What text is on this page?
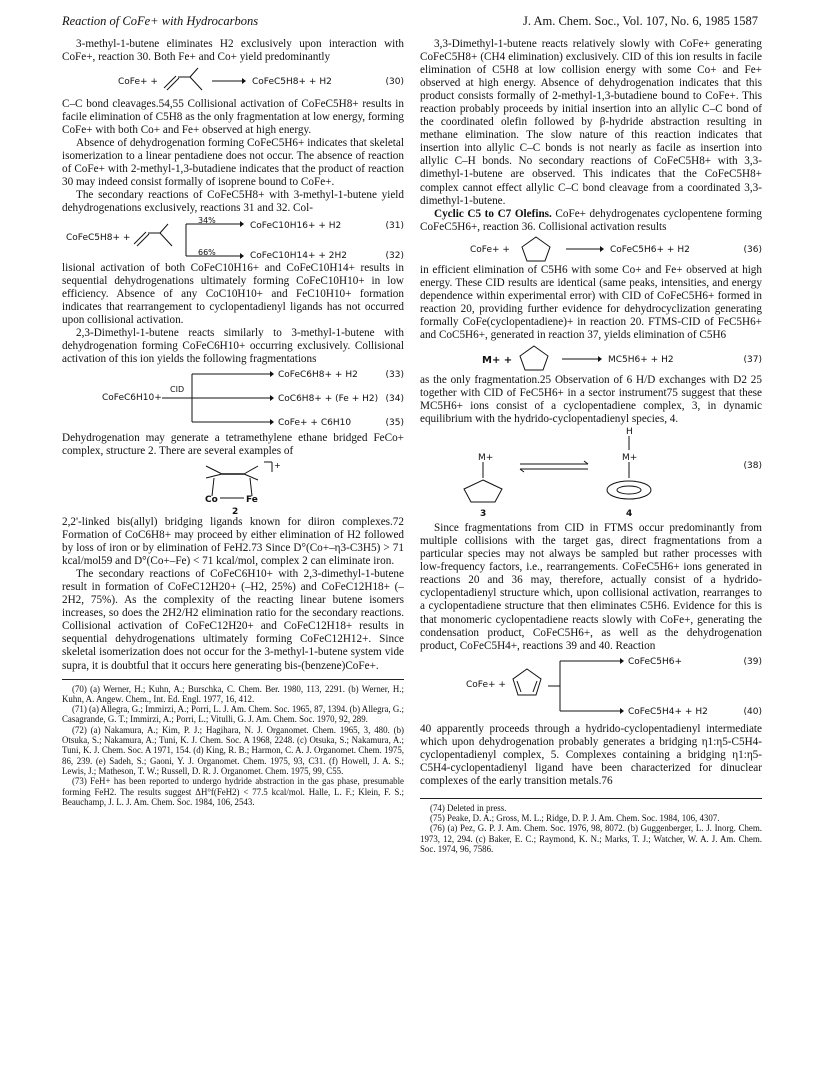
Reaction of CoFe+ with Hydrocarbons	J. Am. Chem. Soc., Vol. 107, No. 6, 1985 1587

3-methyl-1-butene eliminates H2 exclusively upon interaction with CoFe+, reaction 30. Both Fe+ and Co+ yield predominantly

CoFe+ +	→ CoFeC5H8+ + H2	(30)

C–C bond cleavages.54,55 Collisional activation of CoFeC5H8+ results in facile elimination of C5H8 as the only fragmentation at low energy, forming CoFe+ with both Co+ and Fe+ observed at high energy.

Absence of dehydrogenation forming CoFeC5H6+ indicates that skeletal isomerization to a linear pentadiene does not occur. The absence of reaction of CoFe+ with 2-methyl-1,3-butadiene indicates that the product of reaction 30 may indeed consist formally of isoprene bound to CoFe+.

The secondary reactions of CoFeC5H8+ with 3-methyl-1-butene yield dehydrogenations exclusively, reactions 31 and 32. Col-

CoFeC5H8+ +
34%
66%
CoFeC10H16+ + H2
CoFeC10H14+ + 2H2
(31)
(32)

lisional activation of both CoFeC10H16+ and CoFeC10H14+ results in sequential dehydrogenations ultimately forming CoFeC10H10+ in low efficiency. Absence of any CoC10H10+ and FeC10H10+ formation indicates that rearrangement to cyclopentadienyl ligands has not occurred upon collisional activation.

2,3-Dimethyl-1-butene reacts similarly to 3-methyl-1-butene with dehydrogenation forming CoFeC6H10+ occurring exclusively. Collisional activation of this ion yields the following fragmentations

CoFeC6H10+
CID
CoFeC6H8+ + H2
CoC6H8+ + (Fe + H2)
CoFe+ + C6H10
(33)
(34)
(35)

Dehydrogenation may generate a tetramethylene ethane bridged FeCo+ complex, structure 2. There are several examples of

+
Co	Fe
2

2,2'-linked bis(allyl) bridging ligands known for diiron complexes.72 Formation of CoC6H8+ may proceed by either elimination of H2 followed by loss of iron or by elimination of FeH2.73 Since D°(Co+–η3-C3H5) > 71 kcal/mol59 and D°(Co+–Fe) < 71 kcal/mol, complex 2 can eliminate iron.

The secondary reactions of CoFeC6H10+ with 2,3-dimethyl-1-butene result in formation of CoFeC12H20+ (–H2, 25%) and CoFeC12H18+ (–2H2, 75%). As the complexity of the reacting linear butene isomers increases, so does the 2H2/H2 elimination ratio for the secondary reactions. Collisional activation of CoFeC12H20+ and CoFeC12H18+ results in sequential dehydrogenations ultimately forming CoFeC12H12+. Since skeletal isomerization does not occur for the 3-methyl-1-butene system vide supra, it is doubtful that it occurs here generating bis-(benzene)CoFe+.

(70) (a) Werner, H.; Kuhn, A.; Burschka, C. Chem. Ber. 1980, 113, 2291. (b) Werner, H.; Kuhn, A. Angew. Chem., Int. Ed. Engl. 1977, 16, 412.
(71) (a) Allegra, G.; Immirzi, A.; Porri, L. J. Am. Chem. Soc. 1965, 87, 1394. (b) Allegra, G.; Casagrande, G. T.; Immirzi, A.; Porri, L.; Vitulli, G. J. Am. Chem. Soc. 1970, 92, 289.
(72) (a) Nakamura, A.; Kim, P. J.; Hagihara, N. J. Organomet. Chem. 1965, 3, 480. (b) Otsuka, S.; Nakamura, A.; Tuni, K. J. Chem. Soc. A 1968, 2248. (c) Otsuka, S.; Nakamura, A.; Tuni, K. J. Chem. Soc. A 1971, 154. (d) King, R. B.; Harmon, C. A. J. Organomet. Chem. 1975, 86, 239. (e) Sadeh, S.; Gaoni, Y. J. Organomet. Chem. 1975, 93, C31. (f) Howell, J. A. S.; Lewis, J.; Matheson, T. W.; Russell, D. R. J. Organomet. Chem. 1975, 99, C55.
(73) FeH+ has been reported to undergo hydride abstraction in the gas phase, presumable forming FeH2. The results suggest ΔH°f(FeH2) < 77.5 kcal/mol. Halle, L. F.; Klein, F. S.; Beauchamp, J. L. J. Am. Chem. Soc. 1984, 106, 2543.

3,3-Dimethyl-1-butene reacts relatively slowly with CoFe+ generating CoFeC5H8+ (CH4 elimination) exclusively. CID of this ion results in facile elimination of C5H8 at low collision energy with some Co+ and Fe+ observed at high energy. Absence of dehydrogenation indicates that this product consists formally of 2-methyl-1,3-butadiene bound to CoFe+. This reaction probably proceeds by initial insertion into an allylic C–C bond of the coordinated olefin followed by β-hydride abstraction resulting in methane elimination. The slow nature of this reaction indicates that insertion into allylic C–C bonds is not nearly as facile as insertion into allylic C–H bonds. No secondary reactions of CoFeC5H8+ with 3,3-dimethyl-1-butene are observed. This indicates that the CoFeC5H8+ complex cannot effect allylic C–C bond cleavage from a coordinated 3,3-dimethyl-1-butene.

Cyclic C5 to C7 Olefins. CoFe+ dehydrogenates cyclopentene forming CoFeC5H6+, reaction 36. Collisional activation results

CoFe+ +	CoFeC5H6+ + H2	(36)

in efficient elimination of C5H6 with some Co+ and Fe+ observed at high energy. These CID results are identical (same peaks, intensities, and energy dependence within experimental error) with CID of CoFeC5H6+ formed in reaction 20, providing further evidence for dehydrocyclization generating formally CoFe(cyclopentadiene)+ in reaction 20. FTMS-CID of FeC5H6+ and CoC5H6+, generated in reaction 37, yields elimination of C5H6

M+ +	MC5H6+ + H2	(37)

as the only fragmentation.25 Observation of 6 H/D exchanges with D2 25 together with CID of FeC5H6+ in a sector instrument75 suggest that these MC5H6+ ions consist of a cyclopentadiene complex, 3, in dynamic equilibrium with the hydrido-cyclopentadienyl species, 4.

H
M+	M+
(38)
3	4

Since fragmentations from CID in FTMS occur predominantly from multiple collisions with the target gas, direct fragmentations from a particular species may not always be sampled but rather processes with low-frequency factors, i.e., rearrangements. CoFeC5H6+ ions generated in reactions 20 and 36 may, therefore, actually consist of a hydrido-cyclopentadienyl structure which, upon collisional activation, rearranges to a cyclopentadiene structure that then eliminates C5H6. Evidence for this is that monomeric cyclopentadiene reacts slowly with CoFe+, generating the condensation product, CoFeC5H6+, as well as the dehydrogenation product, CoFeC5H4+, reactions 39 and 40. Reaction

CoFe+ +
CoFeC5H6+
CoFeC5H4+ + H2
(39)
(40)

40 apparently proceeds through a hydrido-cyclopentadienyl intermediate which upon dehydrogenation probably generates a bridging η1:η5-C5H4-cyclopentadienyl complex, 5. Complexes containing a bridging η1:η5-C5H4-cyclopentadienyl ligand have been characterized for dinuclear complexes of the early transition metals.76

(74) Deleted in press.
(75) Peake, D. A.; Gross, M. L.; Ridge, D. P. J. Am. Chem. Soc. 1984, 106, 4307.
(76) (a) Pez, G. P. J. Am. Chem. Soc. 1976, 98, 8072. (b) Guggenberger, L. J. Inorg. Chem. 1973, 12, 294. (c) Baker, E. C.; Raymond, K. N.; Marks, T. J.; Watcher, W. A. J. Am. Chem. Soc. 1974, 96, 7586.
